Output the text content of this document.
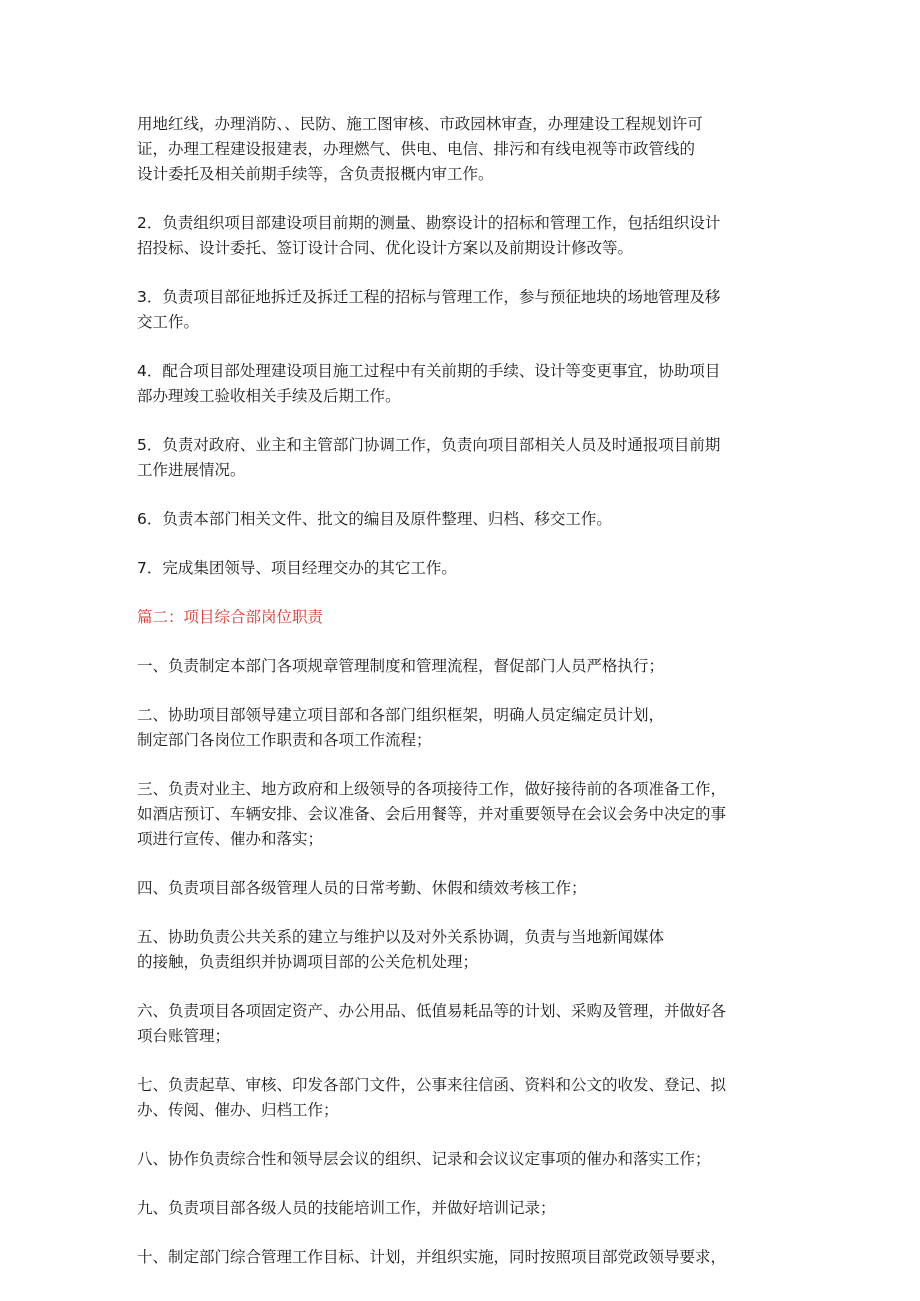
用地红线，办理消防、、民防、施工图审核、市政园林审查，办理建设工程规划许可
证，办理工程建设报建表，办理燃气、供电、电信、排污和有线电视等市政管线的
设计委托及相关前期手续等，含负责报概内审工作。

2．负责组织项目部建设项目前期的测量、勘察设计的招标和管理工作，包括组织设计
招投标、设计委托、签订设计合同、优化设计方案以及前期设计修改等。

3．负责项目部征地拆迁及拆迁工程的招标与管理工作，参与预征地块的场地管理及移
交工作。

4．配合项目部处理建设项目施工过程中有关前期的手续、设计等变更事宜，协助项目
部办理竣工验收相关手续及后期工作。

5．负责对政府、业主和主管部门协调工作，负责向项目部相关人员及时通报项目前期
工作进展情况。

6．负责本部门相关文件、批文的编目及原件整理、归档、移交工作。

7．完成集团领导、项目经理交办的其它工作。

篇二：项目综合部岗位职责

一、负责制定本部门各项规章管理制度和管理流程，督促部门人员严格执行；

二、协助项目部领导建立项目部和各部门组织框架，明确人员定编定员计划，
制定部门各岗位工作职责和各项工作流程；

三、负责对业主、地方政府和上级领导的各项接待工作，做好接待前的各项准备工作，
如酒店预订、车辆安排、会议准备、会后用餐等，并对重要领导在会议会务中决定的事
项进行宣传、催办和落实；

四、负责项目部各级管理人员的日常考勤、休假和绩效考核工作；

五、协助负责公共关系的建立与维护以及对外关系协调，负责与当地新闻媒体
的接触，负责组织并协调项目部的公关危机处理；

六、负责项目各项固定资产、办公用品、低值易耗品等的计划、采购及管理，并做好各
项台账管理；

七、负责起草、审核、印发各部门文件，公事来往信函、资料和公文的收发、登记、拟
办、传阅、催办、归档工作；

八、协作负责综合性和领导层会议的组织、记录和会议议定事项的催办和落实工作；

九、负责项目部各级人员的技能培训工作，并做好培训记录；

十、制定部门综合管理工作目标、计划，并组织实施，同时按照项目部党政领导要求，
